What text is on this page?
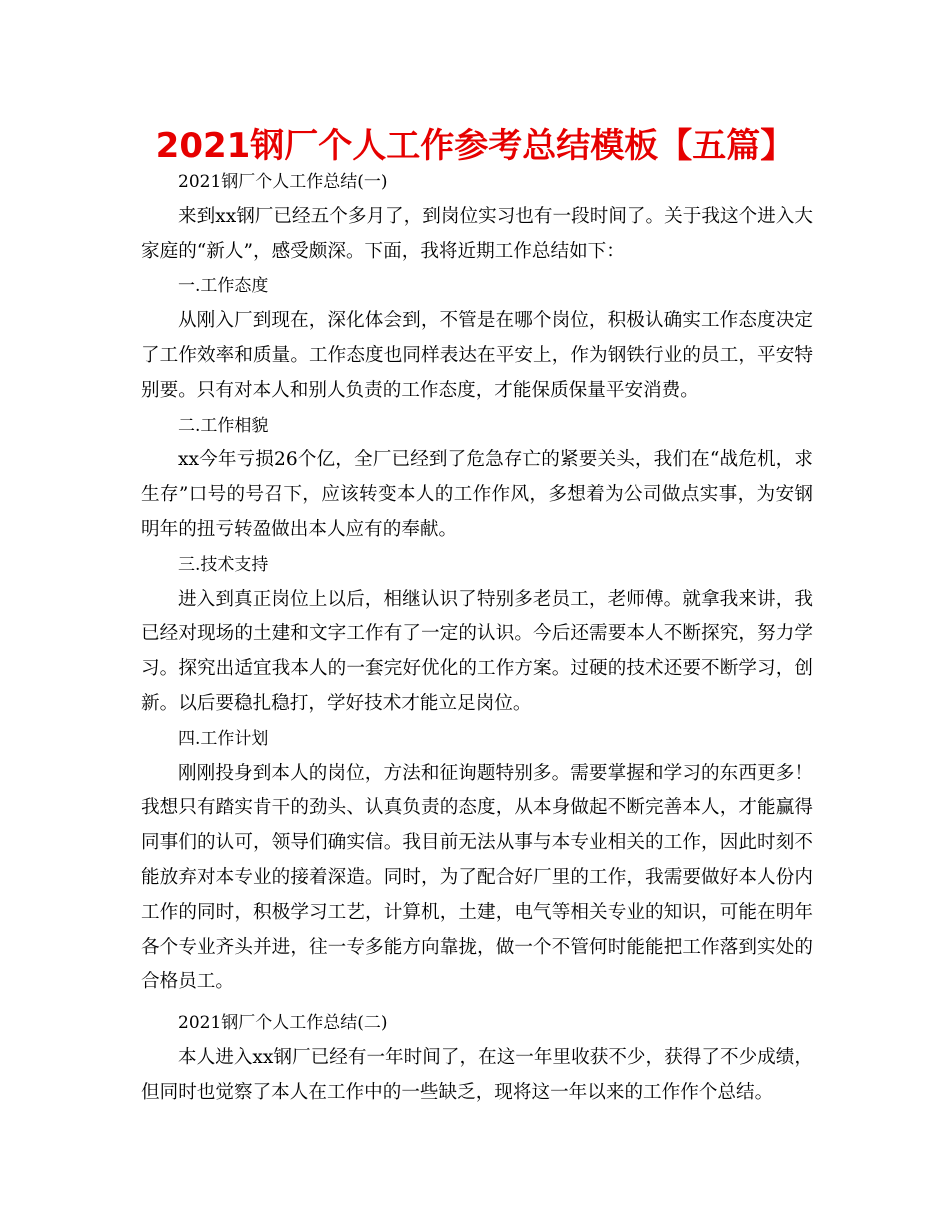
2021钢厂个人工作参考总结模板【五篇】
2021钢厂个人工作总结(一)

来到xx钢厂已经五个多月了，到岗位实习也有一段时间了。关于我这个进入大家庭的“新人”，感受颇深。下面，我将近期工作总结如下：

一.工作态度

从刚入厂到现在，深化体会到，不管是在哪个岗位，积极认确实工作态度决定了工作效率和质量。工作态度也同样表达在平安上，作为钢铁行业的员工，平安特别要。只有对本人和别人负责的工作态度，才能保质保量平安消费。

二.工作相貌

xx今年亏损26个亿，全厂已经到了危急存亡的紧要关头，我们在“战危机，求生存”口号的号召下，应该转变本人的工作作风，多想着为公司做点实事，为安钢明年的扭亏转盈做出本人应有的奉献。

三.技术支持

进入到真正岗位上以后，相继认识了特别多老员工，老师傅。就拿我来讲，我已经对现场的土建和文字工作有了一定的认识。今后还需要本人不断探究，努力学习。探究出适宜我本人的一套完好优化的工作方案。过硬的技术还要不断学习，创新。以后要稳扎稳打，学好技术才能立足岗位。

四.工作计划

刚刚投身到本人的岗位，方法和征询题特别多。需要掌握和学习的东西更多！我想只有踏实肯干的劲头、认真负责的态度，从本身做起不断完善本人，才能赢得同事们的认可，领导们确实信。我目前无法从事与本专业相关的工作，因此时刻不能放弃对本专业的接着深造。同时，为了配合好厂里的工作，我需要做好本人份内工作的同时，积极学习工艺，计算机，土建，电气等相关专业的知识，可能在明年各个专业齐头并进，往一专多能方向靠拢，做一个不管何时能能把工作落到实处的合格员工。

2021钢厂个人工作总结(二)

本人进入xx钢厂已经有一年时间了，在这一年里收获不少，获得了不少成绩，但同时也觉察了本人在工作中的一些缺乏，现将这一年以来的工作作个总结。
